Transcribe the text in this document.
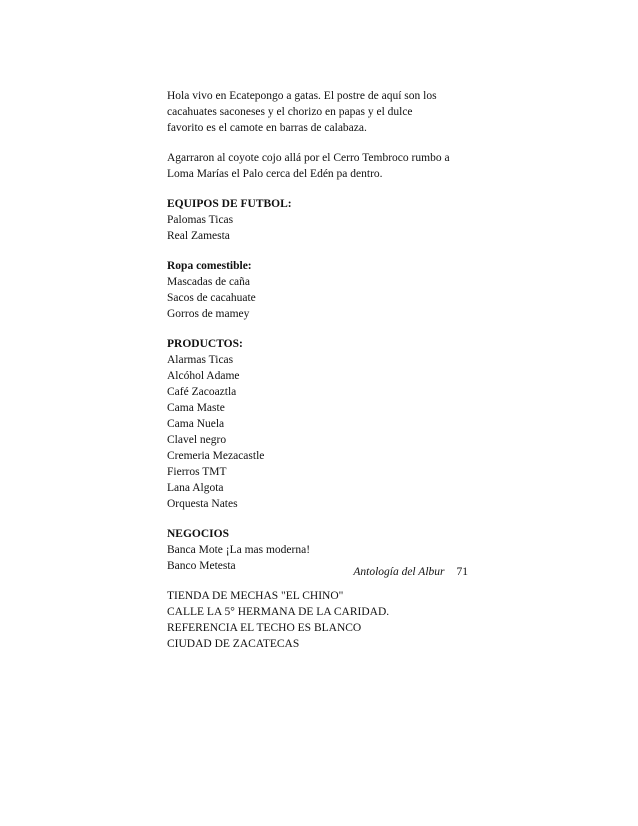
Hola vivo en Ecatepongo a gatas. El postre de aquí son los
cacahuates saconeses y el chorizo en papas y el dulce
favorito es el camote en barras de calabaza.
Agarraron al coyote cojo allá por el Cerro Tembroco rumbo a
Loma Marías el Palo cerca del Edén pa dentro.
EQUIPOS DE FUTBOL:
Palomas Ticas
Real Zamesta
Ropa comestible:
Mascadas de caña
Sacos de cacahuate
Gorros de mamey
PRODUCTOS:
Alarmas Ticas
Alcóhol Adame
Café Zacoaztla
Cama Maste
Cama Nuela
Clavel negro
Cremeria Mezacastle
Fierros TMT
Lana Algota
Orquesta Nates
NEGOCIOS
Banca Mote ¡La mas moderna!
Banco Metesta
TIENDA DE MECHAS "EL CHINO"
CALLE LA 5° HERMANA DE LA CARIDAD.
REFERENCIA EL TECHO ES BLANCO
CIUDAD DE ZACATECAS
Antología del Albur 71
